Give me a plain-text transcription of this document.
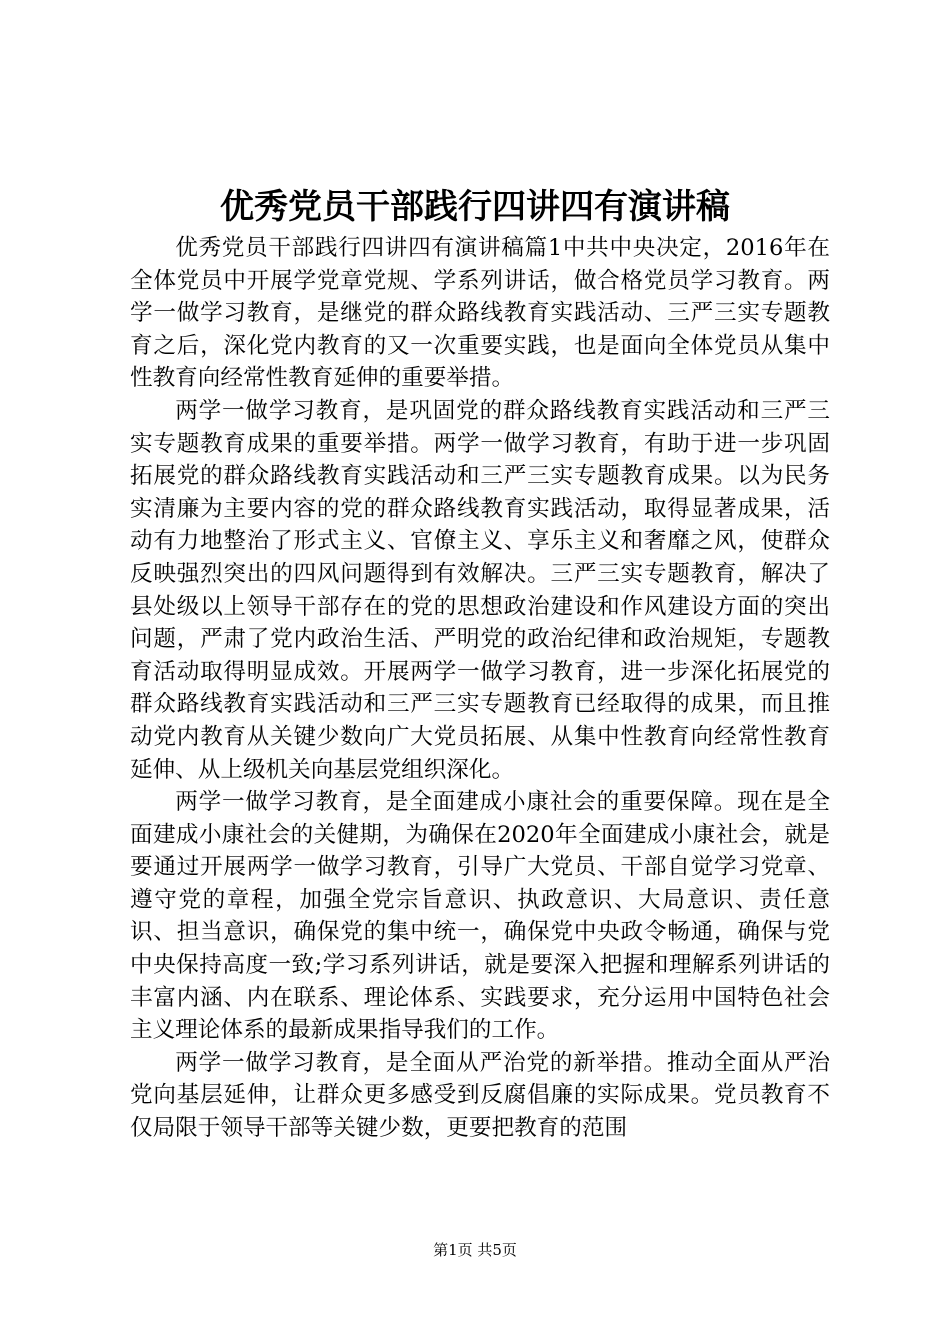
优秀党员干部践行四讲四有演讲稿

优秀党员干部践行四讲四有演讲稿篇1中共中央决定，2016年在全体党员中开展学党章党规、学系列讲话，做合格党员学习教育。两学一做学习教育，是继党的群众路线教育实践活动、三严三实专题教育之后，深化党内教育的又一次重要实践，也是面向全体党员从集中性教育向经常性教育延伸的重要举措。

两学一做学习教育，是巩固党的群众路线教育实践活动和三严三实专题教育成果的重要举措。两学一做学习教育，有助于进一步巩固拓展党的群众路线教育实践活动和三严三实专题教育成果。以为民务实清廉为主要内容的党的群众路线教育实践活动，取得显著成果，活动有力地整治了形式主义、官僚主义、享乐主义和奢靡之风，使群众反映强烈突出的四风问题得到有效解决。三严三实专题教育，解决了县处级以上领导干部存在的党的思想政治建设和作风建设方面的突出问题，严肃了党内政治生活、严明党的政治纪律和政治规矩，专题教育活动取得明显成效。开展两学一做学习教育，进一步深化拓展党的群众路线教育实践活动和三严三实专题教育已经取得的成果，而且推动党内教育从关键少数向广大党员拓展、从集中性教育向经常性教育延伸、从上级机关向基层党组织深化。

两学一做学习教育，是全面建成小康社会的重要保障。现在是全面建成小康社会的关健期，为确保在2020年全面建成小康社会，就是要通过开展两学一做学习教育，引导广大党员、干部自觉学习党章、遵守党的章程，加强全党宗旨意识、执政意识、大局意识、责任意识、担当意识，确保党的集中统一，确保党中央政令畅通，确保与党中央保持高度一致;学习系列讲话，就是要深入把握和理解系列讲话的丰富内涵、内在联系、理论体系、实践要求，充分运用中国特色社会主义理论体系的最新成果指导我们的工作。

两学一做学习教育，是全面从严治党的新举措。推动全面从严治党向基层延伸，让群众更多感受到反腐倡廉的实际成果。党员教育不仅局限于领导干部等关键少数，更要把教育的范围

第1页 共5页
